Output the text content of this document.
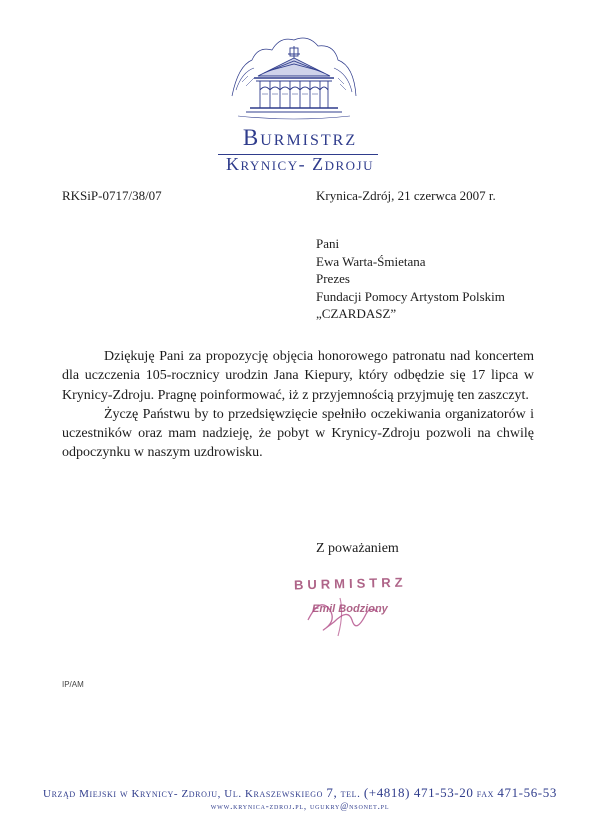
Burmistrz
Krynicy- Zdroju
RKSiP-0717/38/07	Krynica-Zdrój, 21 czerwca 2007 r.
Pani
Ewa Warta-Śmietana
Prezes
Fundacji Pomocy Artystom Polskim
„CZARDASZ”

Dziękuję Pani za propozycję objęcia honorowego patronatu nad koncertem dla uczczenia 105-rocznicy urodzin Jana Kiepury, który odbędzie się 17 lipca w Krynicy-Zdroju. Pragnę poinformować, iż z przyjemnością przyjmuję ten zaszczyt.

Życzę Państwu by to przedsięwzięcie spełniło oczekiwania organizatorów i uczestników oraz mam nadzieję, że pobyt w Krynicy-Zdroju pozwoli na chwilę odpoczynku w naszym uzdrowisku.

Z poważaniem
BURMISTRZ
Emil Bodziony
IP/AM
Urząd Miejski w Krynicy- Zdroju, Ul. Kraszewskiego 7, tel. (+4818) 471-53-20 fax 471-56-53
www.krynica-zdroj.pl, ugukry@nsonet.pl
